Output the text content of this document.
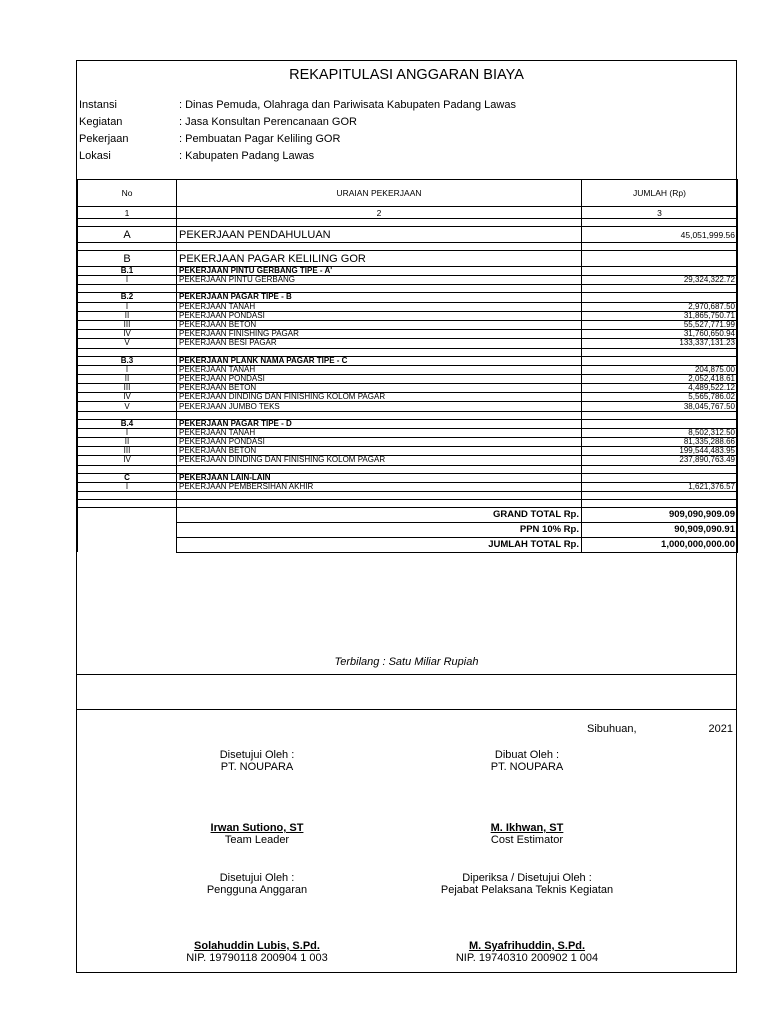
REKAPITULASI ANGGARAN BIAYA
Instansi	: Dinas Pemuda, Olahraga dan Pariwisata Kabupaten Padang Lawas
Kegiatan	: Jasa Konsultan Perencanaan GOR
Pekerjaan	: Pembuatan Pagar Keliling GOR
Lokasi	: Kabupaten Padang Lawas
No	URAIAN PEKERJAAN	JUMLAH (Rp)
1	2	3

A	PEKERJAAN PENDAHULUAN	45,051,999.56

B	PEKERJAAN PAGAR KELILING GOR	
B.1	PEKERJAAN PINTU GERBANG TIPE - A'	
I	PEKERJAAN PINTU GERBANG	29,324,322.72

B.2	PEKERJAAN PAGAR TIPE - B	
I	PEKERJAAN TANAH	2,970,687.50
II	PEKERJAAN PONDASI	31,865,750.71
III	PEKERJAAN BETON	55,527,771.99
IV	PEKERJAAN FINISHING PAGAR	31,760,650.94
V	PEKERJAAN BESI PAGAR	133,337,131.23

B.3	PEKERJAAN PLANK NAMA PAGAR TIPE - C	
I	PEKERJAAN TANAH	204,875.00
II	PEKERJAAN PONDASI	2,052,418.61
III	PEKERJAAN BETON	4,489,522.12
IV	PEKERJAAN DINDING DAN FINISHING KOLOM PAGAR	5,565,786.02
V	PEKERJAAN JUMBO TEKS	38,045,767.50

B.4	PEKERJAAN PAGAR TIPE - D	
I	PEKERJAAN TANAH	8,502,312.50
II	PEKERJAAN PONDASI	81,335,288.66
III	PEKERJAAN BETON	199,544,483.95
IV	PEKERJAAN DINDING DAN FINISHING KOLOM PAGAR	237,890,763.49

C	PEKERJAAN LAIN-LAIN	
I	PEKERJAAN PEMBERSIHAN AKHIR	1,621,376.57

	GRAND TOTAL Rp.	909,090,909.09
	PPN 10% Rp.	90,909,090.91
	JUMLAH TOTAL Rp.	1,000,000,000.00
Terbilang : Satu Miliar Rupiah
Sibuhuan,	2021
Disetujui Oleh :
PT. NOUPARA
Irwan Sutiono, ST
Team Leader
Dibuat Oleh :
PT. NOUPARA
M. Ikhwan, ST
Cost Estimator
Disetujui Oleh :
Pengguna Anggaran
Solahuddin Lubis, S.Pd.
NIP. 19790118 200904 1 003
Diperiksa / Disetujui Oleh :
Pejabat Pelaksana Teknis Kegiatan
M. Syafrihuddin, S.Pd.
NIP. 19740310 200902 1 004
